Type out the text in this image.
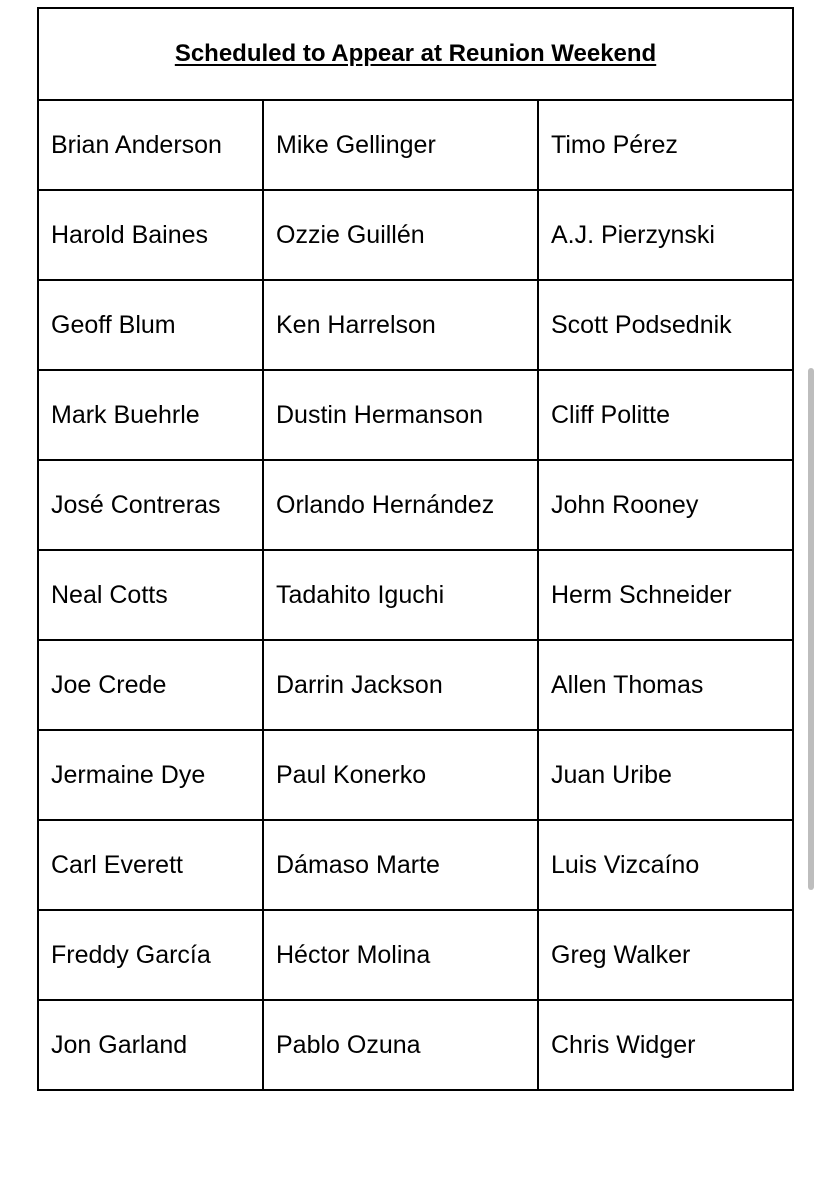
Scheduled to Appear at Reunion Weekend		
Brian Anderson	Mike Gellinger	Timo Pérez
Harold Baines	Ozzie Guillén	A.J. Pierzynski
Geoff Blum	Ken Harrelson	Scott Podsednik
Mark Buehrle	Dustin Hermanson	Cliff Politte
José Contreras	Orlando Hernández	John Rooney
Neal Cotts	Tadahito Iguchi	Herm Schneider
Joe Crede	Darrin Jackson	Allen Thomas
Jermaine Dye	Paul Konerko	Juan Uribe
Carl Everett	Dámaso Marte	Luis Vizcaíno
Freddy García	Héctor Molina	Greg Walker
Jon Garland	Pablo Ozuna	Chris Widger
